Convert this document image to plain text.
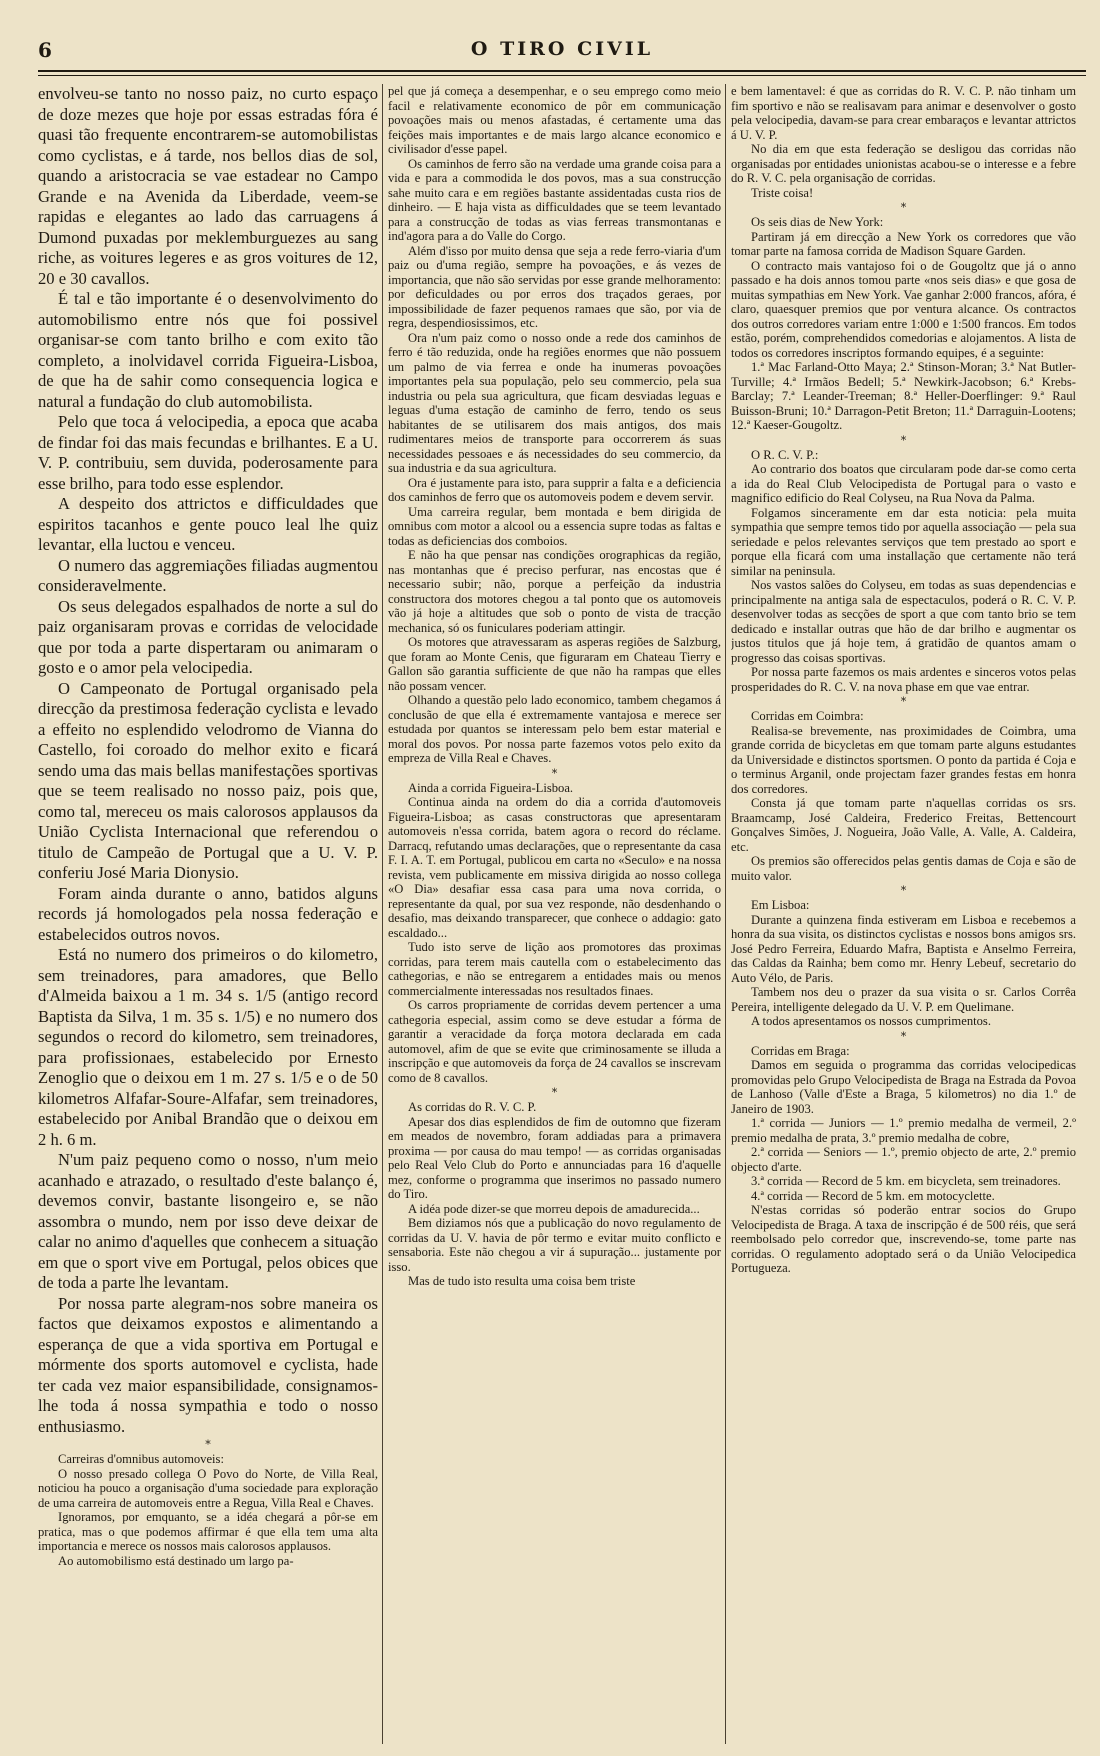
6	O TIRO CIVIL

envolveu-se tanto no nosso paiz, no curto espaço de doze mezes que hoje por essas estradas fóra é quasi tão frequente encontrarem-se automobilistas como cyclistas, e á tarde, nos bellos dias de sol, quando a aristocracia se vae estadear no Campo Grande e na Avenida da Liberdade, veem-se rapidas e elegantes ao lado das carruagens á Dumond puxadas por meklemburguezes au sang riche, as voitures legeres e as gros voitures de 12, 20 e 30 cavallos.

É tal e tão importante é o desenvolvimento do automobilismo entre nós que foi possivel organisar-se com tanto brilho e com exito tão completo, a inolvidavel corrida Figueira-Lisboa, de que ha de sahir como consequencia logica e natural a fundação do club automobilista.

Pelo que toca á velocipedia, a epoca que acaba de findar foi das mais fecundas e brilhantes. E a U. V. P. contribuiu, sem duvida, poderosamente para esse brilho, para todo esse esplendor.

A despeito dos attrictos e difficuldades que espiritos tacanhos e gente pouco leal lhe quiz levantar, ella luctou e venceu.

O numero das aggremiações filiadas augmentou consideravelmente.

Os seus delegados espalhados de norte a sul do paiz organisaram provas e corridas de velocidade que por toda a parte dispertaram ou animaram o gosto e o amor pela velocipedia.

O Campeonato de Portugal organisado pela direcção da prestimosa federação cyclista e levado a effeito no esplendido velodromo de Vianna do Castello, foi coroado do melhor exito e ficará sendo uma das mais bellas manifestações sportivas que se teem realisado no nosso paiz, pois que, como tal, mereceu os mais calorosos applausos da União Cyclista Internacional que referendou o titulo de Campeão de Portugal que a U. V. P. conferiu José Maria Dionysio.

Foram ainda durante o anno, batidos alguns records já homologados pela nossa federação e estabelecidos outros novos.

Está no numero dos primeiros o do kilometro, sem treinadores, para amadores, que Bello d'Almeida baixou a 1 m. 34 s. 1/5 (antigo record Baptista da Silva, 1 m. 35 s. 1/5) e no numero dos segundos o record do kilometro, sem treinadores, para profissionaes, estabelecido por Ernesto Zenoglio que o deixou em 1 m. 27 s. 1/5 e o de 50 kilometros Alfafar-Soure-Alfafar, sem treinadores, estabelecido por Anibal Brandão que o deixou em 2 h. 6 m.

N'um paiz pequeno como o nosso, n'um meio acanhado e atrazado, o resultado d'este balanço é, devemos convir, bastante lisongeiro e, se não assombra o mundo, nem por isso deve deixar de calar no animo d'aquelles que conhecem a situação em que o sport vive em Portugal, pelos obices que de toda a parte lhe levantam.

Por nossa parte alegram-nos sobre maneira os factos que deixamos expostos e alimentando a esperança de que a vida sportiva em Portugal e mórmente dos sports automovel e cyclista, hade ter cada vez maior espansibilidade, consignamos-lhe toda á nossa sympathia e todo o nosso enthusiasmo.

*

Carreiras d'omnibus automoveis:

O nosso presado collega O Povo do Norte, de Villa Real, noticiou ha pouco a organisação d'uma sociedade para exploração de uma carreira de automoveis entre a Regua, Villa Real e Chaves.

Ignoramos, por emquanto, se a idéa chegará a pôr-se em pratica, mas o que podemos affirmar é que ella tem uma alta importancia e merece os nossos mais calorosos applausos.

Ao automobilismo está destinado um largo pa-

pel que já começa a desempenhar, e o seu emprego como meio facil e relativamente economico de pôr em communicação povoações mais ou menos afastadas, é certamente uma das feições mais importantes e de mais largo alcance economico e civilisador d'esse papel.

Os caminhos de ferro são na verdade uma grande coisa para a vida e para a commodida le dos povos, mas a sua construcção sahe muito cara e em regiões bastante assidentadas custa rios de dinheiro. — E haja vista as difficuldades que se teem levantado para a construcção de todas as vias ferreas transmontanas e ind'agora para a do Valle do Corgo.

Além d'isso por muito densa que seja a rede ferro-viaria d'um paiz ou d'uma região, sempre ha povoações, e ás vezes de importancia, que não são servidas por esse grande melhoramento: por deficuldades ou por erros dos traçados geraes, por impossibilidade de fazer pequenos ramaes que são, por via de regra, despendiosissimos, etc.

Ora n'um paiz como o nosso onde a rede dos caminhos de ferro é tão reduzida, onde ha regiões enormes que não possuem um palmo de via ferrea e onde ha inumeras povoações importantes pela sua população, pelo seu commercio, pela sua industria ou pela sua agricultura, que ficam desviadas leguas e leguas d'uma estação de caminho de ferro, tendo os seus habitantes de se utilisarem dos mais antigos, dos mais rudimentares meios de transporte para occorrerem ás suas necessidades pessoaes e ás necessidades do seu commercio, da sua industria e da sua agricultura.

Ora é justamente para isto, para supprir a falta e a deficiencia dos caminhos de ferro que os automoveis podem e devem servir.

Uma carreira regular, bem montada e bem dirigida de omnibus com motor a alcool ou a essencia supre todas as faltas e todas as deficiencias dos comboios.

E não ha que pensar nas condições orographicas da região, nas montanhas que é preciso perfurar, nas encostas que é necessario subir; não, porque a perfeição da industria constructora dos motores chegou a tal ponto que os automoveis vão já hoje a altitudes que sob o ponto de vista de tracção mechanica, só os funiculares poderiam attingir.

Os motores que atravessaram as asperas regiões de Salzburg, que foram ao Monte Cenis, que figuraram em Chateau Tierry e Gallon são garantia sufficiente de que não ha rampas que elles não possam vencer.

Olhando a questão pelo lado economico, tambem chegamos á conclusão de que ella é extremamente vantajosa e merece ser estudada por quantos se interessam pelo bem estar material e moral dos povos. Por nossa parte fazemos votos pelo exito da empreza de Villa Real e Chaves.

*

Ainda a corrida Figueira-Lisboa.

Continua ainda na ordem do dia a corrida d'automoveis Figueira-Lisboa; as casas constructoras que apresentaram automoveis n'essa corrida, batem agora o record do réclame. Darracq, refutando umas declarações, que o representante da casa F. I. A. T. em Portugal, publicou em carta no «Seculo» e na nossa revista, vem publicamente em missiva dirigida ao nosso collega «O Dia» desafiar essa casa para uma nova corrida, o representante da qual, por sua vez responde, não desdenhando o desafio, mas deixando transparecer, que conhece o addagio: gato escaldado...

Tudo isto serve de lição aos promotores das proximas corridas, para terem mais cautella com o estabelecimento das cathegorias, e não se entregarem a entidades mais ou menos commercialmente interessadas nos resultados finaes.

Os carros propriamente de corridas devem pertencer a uma cathegoria especial, assim como se deve estudar a fórma de garantir a veracidade da força motora declarada em cada automovel, afim de que se evite que criminosamente se illuda a inscripção e que automoveis da força de 24 cavallos se inscrevam como de 8 cavallos.

*

As corridas do R. V. C. P.

Apesar dos dias esplendidos de fim de outomno que fizeram em meados de novembro, foram addiadas para a primavera proxima — por causa do mau tempo! — as corridas organisadas pelo Real Velo Club do Porto e annunciadas para 16 d'aquelle mez, conforme o programma que inserimos no passado numero do Tiro.

A idéa pode dizer-se que morreu depois de amadurecida...

Bem diziamos nós que a publicação do novo regulamento de corridas da U. V. havia de pôr termo e evitar muito conflicto e sensaboria. Este não chegou a vir á supuração... justamente por isso.

Mas de tudo isto resulta uma coisa bem triste

e bem lamentavel: é que as corridas do R. V. C. P. não tinham um fim sportivo e não se realisavam para animar e desenvolver o gosto pela velocipedia, davam-se para crear embaraços e levantar attrictos á U. V. P.

No dia em que esta federação se desligou das corridas não organisadas por entidades unionistas acabou-se o interesse e a febre do R. V. C. pela organisação de corridas.

Triste coisa!

*

Os seis dias de New York:

Partiram já em direcção a New York os corredores que vão tomar parte na famosa corrida de Madison Square Garden.

O contracto mais vantajoso foi o de Gougoltz que já o anno passado e ha dois annos tomou parte «nos seis dias» e que gosa de muitas sympathias em New York. Vae ganhar 2:000 francos, afóra, é claro, quaesquer premios que por ventura alcance. Os contractos dos outros corredores variam entre 1:000 e 1:500 francos. Em todos estão, porém, comprehendidos comedorias e alojamentos. A lista de todos os corredores inscriptos formando equipes, é a seguinte:

1.ª Mac Farland-Otto Maya; 2.ª Stinson-Moran; 3.ª Nat Butler-Turville; 4.ª Irmãos Bedell; 5.ª Newkirk-Jacobson; 6.ª Krebs-Barclay; 7.ª Leander-Treeman; 8.ª Heller-Doerflinger: 9.ª Raul Buisson-Bruni; 10.ª Darragon-Petit Breton; 11.ª Darraguin-Lootens; 12.ª Kaeser-Gougoltz.

*

O R. C. V. P.:

Ao contrario dos boatos que circularam pode dar-se como certa a ida do Real Club Velocipedista de Portugal para o vasto e magnifico edificio do Real Colyseu, na Rua Nova da Palma.

Folgamos sinceramente em dar esta noticia: pela muita sympathia que sempre temos tido por aquella associação — pela sua seriedade e pelos relevantes serviços que tem prestado ao sport e porque ella ficará com uma installação que certamente não terá similar na peninsula.

Nos vastos salões do Colyseu, em todas as suas dependencias e principalmente na antiga sala de espectaculos, poderá o R. C. V. P. desenvolver todas as secções de sport a que com tanto brio se tem dedicado e installar outras que hão de dar brilho e augmentar os justos titulos que já hoje tem, á gratidão de quantos amam o progresso das coisas sportivas.

Por nossa parte fazemos os mais ardentes e sinceros votos pelas prosperidades do R. C. V. na nova phase em que vae entrar.

*

Corridas em Coimbra:

Realisa-se brevemente, nas proximidades de Coimbra, uma grande corrida de bicycletas em que tomam parte alguns estudantes da Universidade e distinctos sportsmen. O ponto da partida é Coja e o terminus Arganil, onde projectam fazer grandes festas em honra dos corredores.

Consta já que tomam parte n'aquellas corridas os srs. Braamcamp, José Caldeira, Frederico Freitas, Bettencourt Gonçalves Simões, J. Nogueira, João Valle, A. Valle, A. Caldeira, etc.

Os premios são offerecidos pelas gentis damas de Coja e são de muito valor.

*

Em Lisboa:

Durante a quinzena finda estiveram em Lisboa e recebemos a honra da sua visita, os distinctos cyclistas e nossos bons amigos srs. José Pedro Ferreira, Eduardo Mafra, Baptista e Anselmo Ferreira, das Caldas da Rainha; bem como mr. Henry Lebeuf, secretario do Auto Vélo, de Paris.

Tambem nos deu o prazer da sua visita o sr. Carlos Corrêa Pereira, intelligente delegado da U. V. P. em Quelimane.

A todos apresentamos os nossos cumprimentos.

*

Corridas em Braga:

Damos em seguida o programma das corridas velocipedicas promovidas pelo Grupo Velocipedista de Braga na Estrada da Povoa de Lanhoso (Valle d'Este a Braga, 5 kilometros) no dia 1.º de Janeiro de 1903.

1.ª corrida — Juniors — 1.º premio medalha de vermeil, 2.º premio medalha de prata, 3.º premio medalha de cobre,

2.ª corrida — Seniors — 1.º, premio objecto de arte, 2.º premio objecto d'arte.

3.ª corrida — Record de 5 km. em bicycleta, sem treinadores.

4.ª corrida — Record de 5 km. em motocyclette.

N'estas corridas só poderão entrar socios do Grupo Velocipedista de Braga. A taxa de inscripção é de 500 réis, que será reembolsado pelo corredor que, inscrevendo-se, tome parte nas corridas. O regulamento adoptado será o da União Velocipedica Portugueza.
